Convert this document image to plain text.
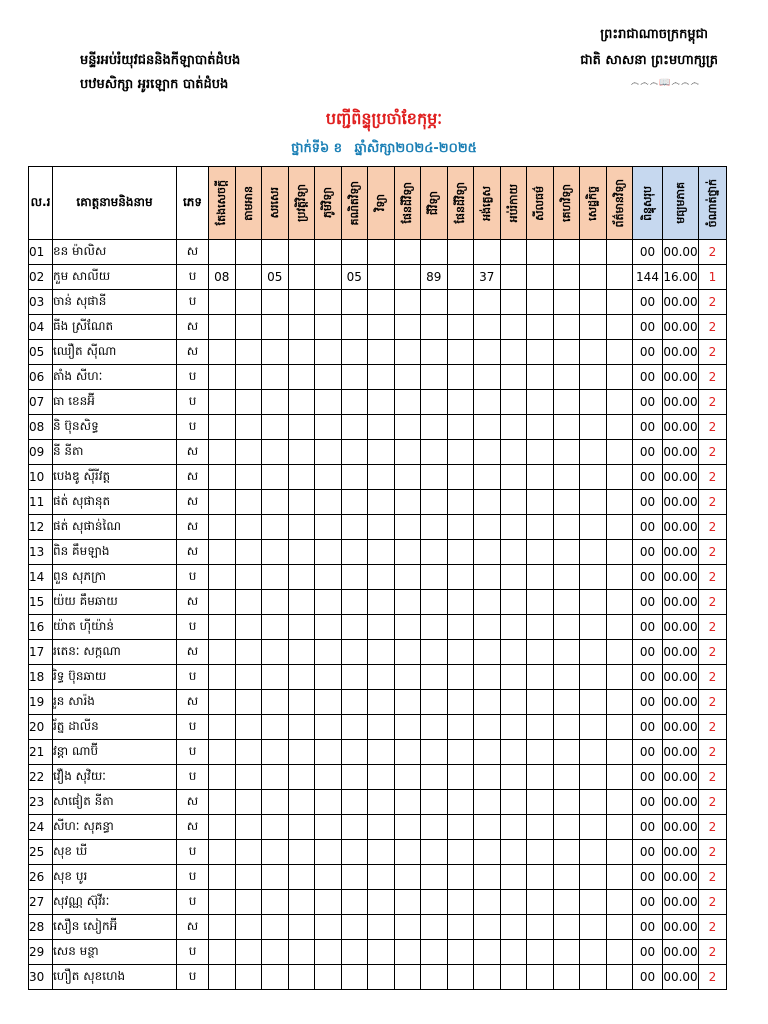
ព្រះរាជាណាចក្រកម្ពុជា
ជាតិ សាសនា ព្រះមហាក្សត្រ
෴෴෴📖෴෴෴
មន្ទីរអប់រំយុវជននិងកីឡាបាត់ដំបង
បឋមសិក្សា អូរឡោក បាត់ដំបង
បញ្ជីពិន្ទុប្រចាំខែកុម្ភៈ
ថ្នាក់ទី៦ ខ ឆ្នាំសិក្សា២០២៤-២០២៥
ល.រ	គោត្តនាមនិងនាម	ភេទ	តែងសេចក្តី	តាមអាន	សរសេរ	ប្រវត្តិវិទ្យា	ភូមិវិទ្យា	គណិតវិទ្យា	វិទ្យា	ផែនដីវិទ្យា	ជីវិទ្យា	ផែនដីវិទ្យា	អង់គ្លេស	អប់រំកាយ	សីលធម៌	គេហវិទ្យា	សេដ្ឋកិច្ច	ព័ត៌មានវិទ្យា	ពិន្ទុសរុប	មធ្យមភាគ	ចំណាត់ថ្នាក់

01	ខន ម៉ាលិស	ស																	00	00.00	2
02	កួម សាលីយ	ប	08		05			05			89		37						144	16.00	1
03	ចាន់ សុផានី	ប																	00	00.00	2
04	ធីង ស្រីណែត	ស																	00	00.00	2
05	ឈឿត ស៊ីណា	ស																	00	00.00	2
06	តាំង សីហៈ	ប																	00	00.00	2
07	ធា ខេនអ៊ី	ប																	00	00.00	2
08	និ ប៊ុនសិទ្ធ	ប																	00	00.00	2
09	នី នីតា	ស																	00	00.00	2
10	បេងឌូ ស៊ីរីវត្ត	ស																	00	00.00	2
11	ផត់ សុផានុត	ស																	00	00.00	2
12	ផត់ សុផាន់ណៃ	ស																	00	00.00	2
13	ពិន គឹមឡាង	ស																	00	00.00	2
14	ពួន សុភក្រា	ប																	00	00.00	2
15	យ៉យ គឹមឆាយ	ស																	00	00.00	2
16	យ៉ាត ហ៊ីយ៉ាន់	ប																	00	00.00	2
17	រតេនៈ សក្កណា	ស																	00	00.00	2
18	រិទ្ធ ប៊ុនឆាយ	ប																	00	00.00	2
19	រួន សារ៉ង	ស																	00	00.00	2
20	រ័ត្ន ដាលីន	ប																	00	00.00	2
21	វន្ដា ណាប៊ី	ប																	00	00.00	2
22	វឿង សុវិយៈ	ប																	00	00.00	2
23	សាផៀត នីតា	ស																	00	00.00	2
24	សីហៈ សុគន្ធា	ស																	00	00.00	2
25	សុខ ឃី	ប																	00	00.00	2
26	សុខ បូរ	ប																	00	00.00	2
27	សុវណ្ណ ស៊ុវីរៈ	ប																	00	00.00	2
28	សឿន សៀកអ៊ី	ស																	00	00.00	2
29	សេន មន្ថា	ប																	00	00.00	2
30	ហឿត សុខហេង	ប																	00	00.00	2
